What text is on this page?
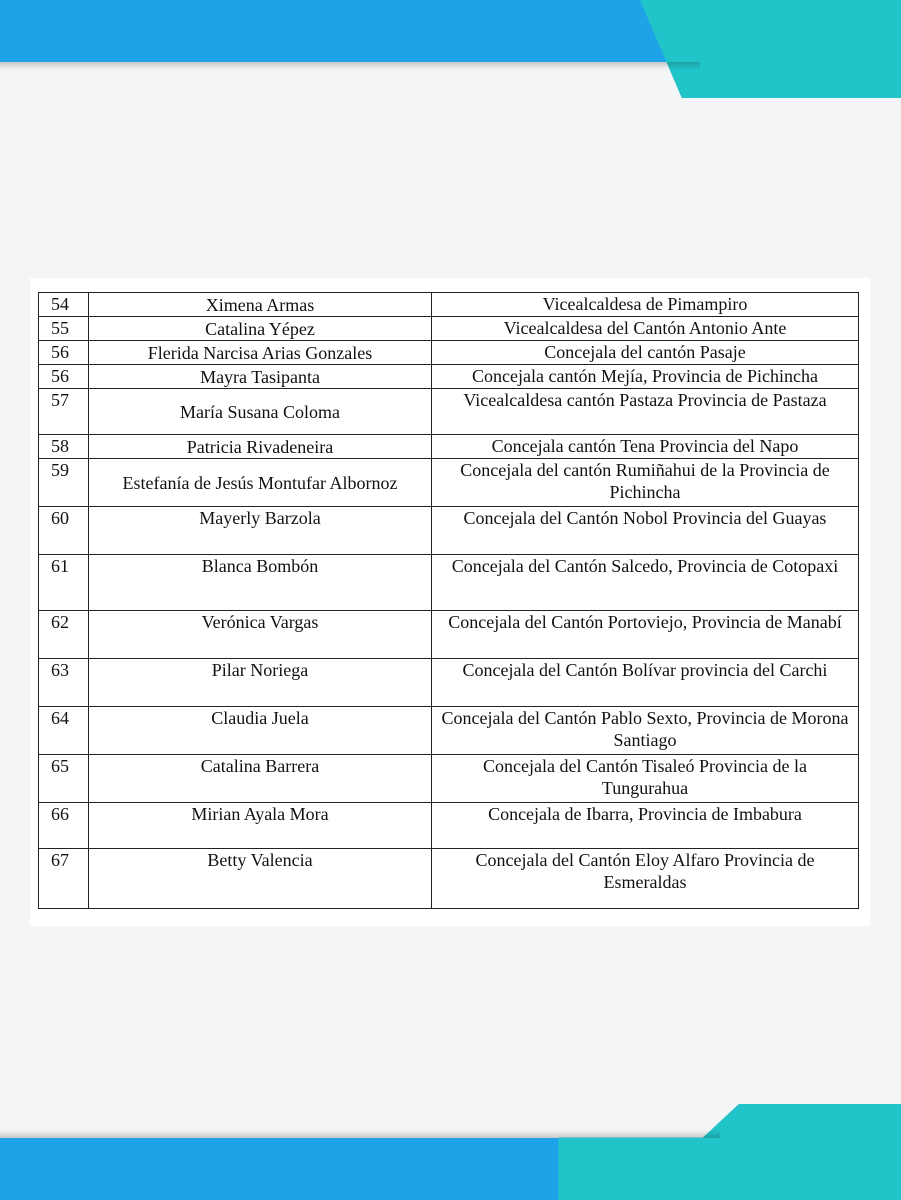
54	Ximena Armas	Vicealcaldesa de Pimampiro
55	Catalina Yépez	Vicealcaldesa del Cantón Antonio Ante
56	Flerida Narcisa Arias Gonzales	Concejala del cantón Pasaje
56	Mayra Tasipanta	Concejala cantón Mejía, Provincia de Pichincha
57	María Susana Coloma	Vicealcaldesa cantón Pastaza Provincia de Pastaza
58	Patricia Rivadeneira	Concejala cantón Tena Provincia del Napo
59	Estefanía de Jesús Montufar Albornoz	Concejala del cantón Rumiñahui de la Provincia de Pichincha
60	Mayerly Barzola	Concejala del Cantón Nobol Provincia del Guayas
61	Blanca Bombón	Concejala del Cantón Salcedo, Provincia de Cotopaxi
62	Verónica Vargas	Concejala del Cantón Portoviejo, Provincia de Manabí
63	Pilar Noriega	Concejala del Cantón Bolívar provincia del Carchi
64	Claudia Juela	Concejala del Cantón Pablo Sexto, Provincia de Morona Santiago
65	Catalina Barrera	Concejala del Cantón Tisaleó Provincia de la Tungurahua
66	Mirian Ayala Mora	Concejala de Ibarra, Provincia de Imbabura
67	Betty Valencia	Concejala del Cantón Eloy Alfaro Provincia de Esmeraldas
